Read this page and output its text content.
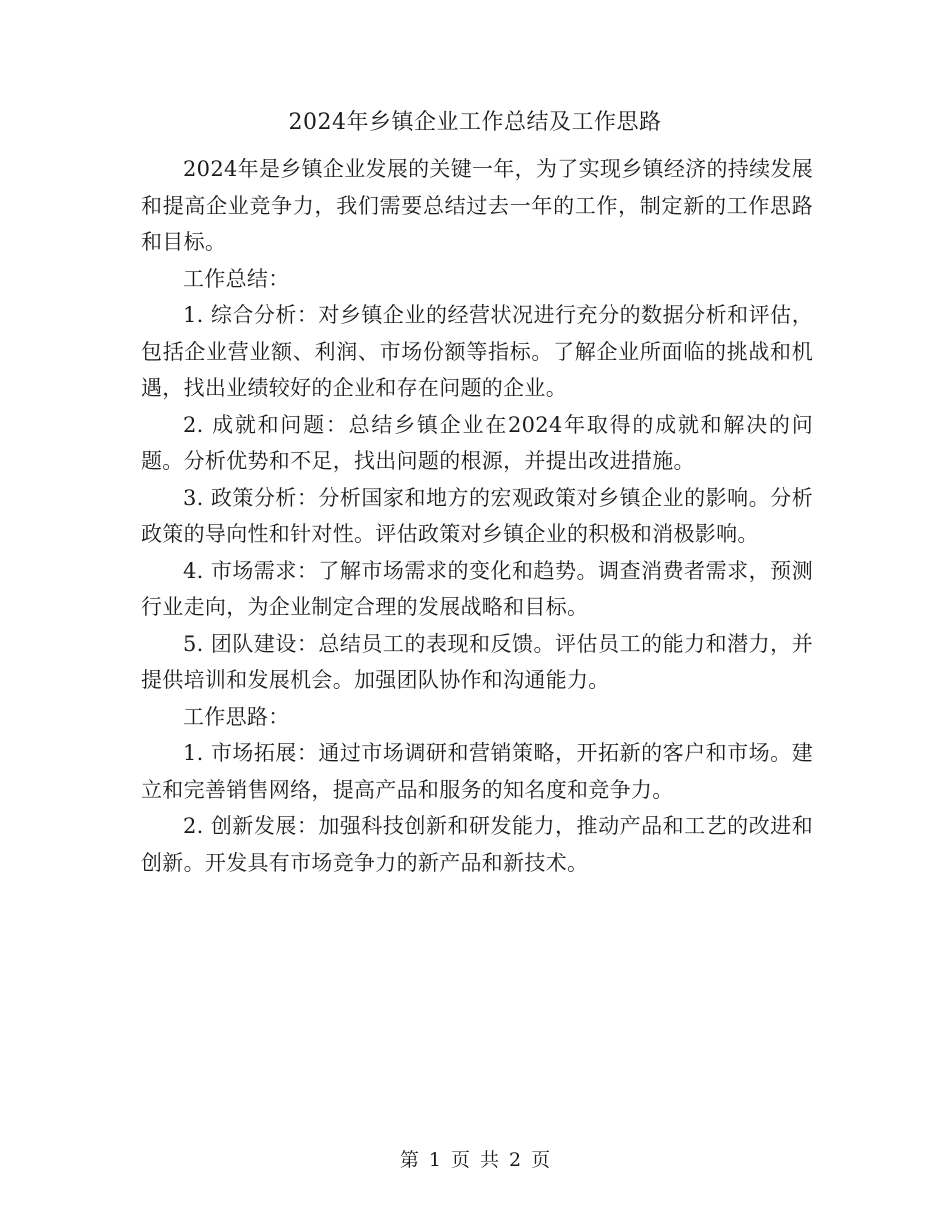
2024年乡镇企业工作总结及工作思路

2024年是乡镇企业发展的关键一年，为了实现乡镇经济的持续发展和提高企业竞争力，我们需要总结过去一年的工作，制定新的工作思路和目标。

工作总结：

1. 综合分析：对乡镇企业的经营状况进行充分的数据分析和评估，包括企业营业额、利润、市场份额等指标。了解企业所面临的挑战和机遇，找出业绩较好的企业和存在问题的企业。

2. 成就和问题：总结乡镇企业在2024年取得的成就和解决的问题。分析优势和不足，找出问题的根源，并提出改进措施。

3. 政策分析：分析国家和地方的宏观政策对乡镇企业的影响。分析政策的导向性和针对性。评估政策对乡镇企业的积极和消极影响。

4. 市场需求：了解市场需求的变化和趋势。调查消费者需求，预测行业走向，为企业制定合理的发展战略和目标。

5. 团队建设：总结员工的表现和反馈。评估员工的能力和潜力，并提供培训和发展机会。加强团队协作和沟通能力。

工作思路：

1. 市场拓展：通过市场调研和营销策略，开拓新的客户和市场。建立和完善销售网络，提高产品和服务的知名度和竞争力。

2. 创新发展：加强科技创新和研发能力，推动产品和工艺的改进和创新。开发具有市场竞争力的新产品和新技术。

第 1 页 共 2 页
